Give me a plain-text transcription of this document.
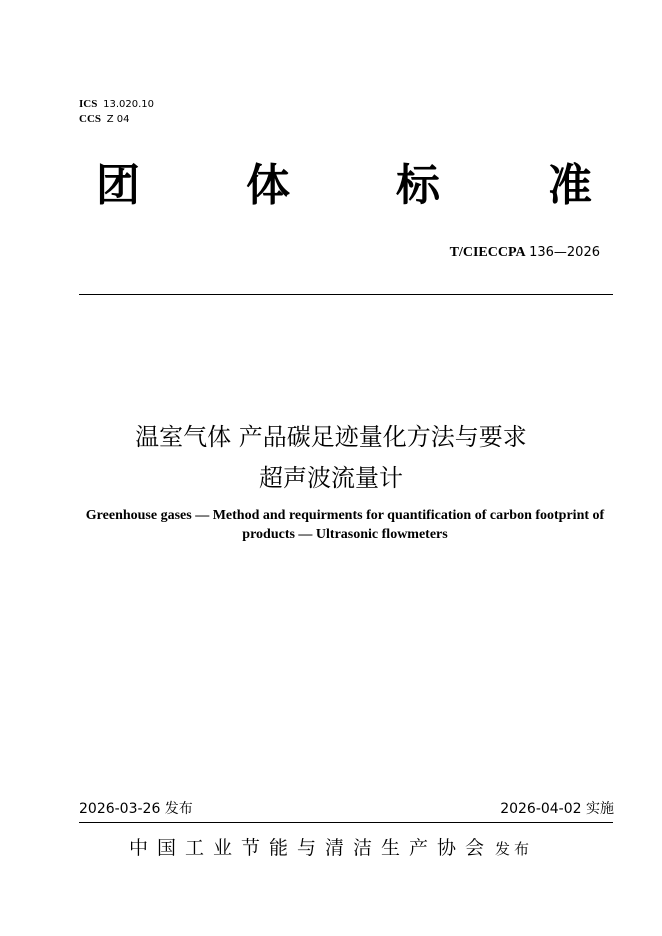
ICS 13.020.10
CCS Z 04
团 体 标 准
T/CIECCPA 136—2026
温室气体 产品碳足迹量化方法与要求
超声波流量计
Greenhouse gases — Method and requirments for quantification of carbon footprint of products — Ultrasonic flowmeters
2026-03-26 发布	2026-04-02 实施
中国工业节能与清洁生产协会 发布
